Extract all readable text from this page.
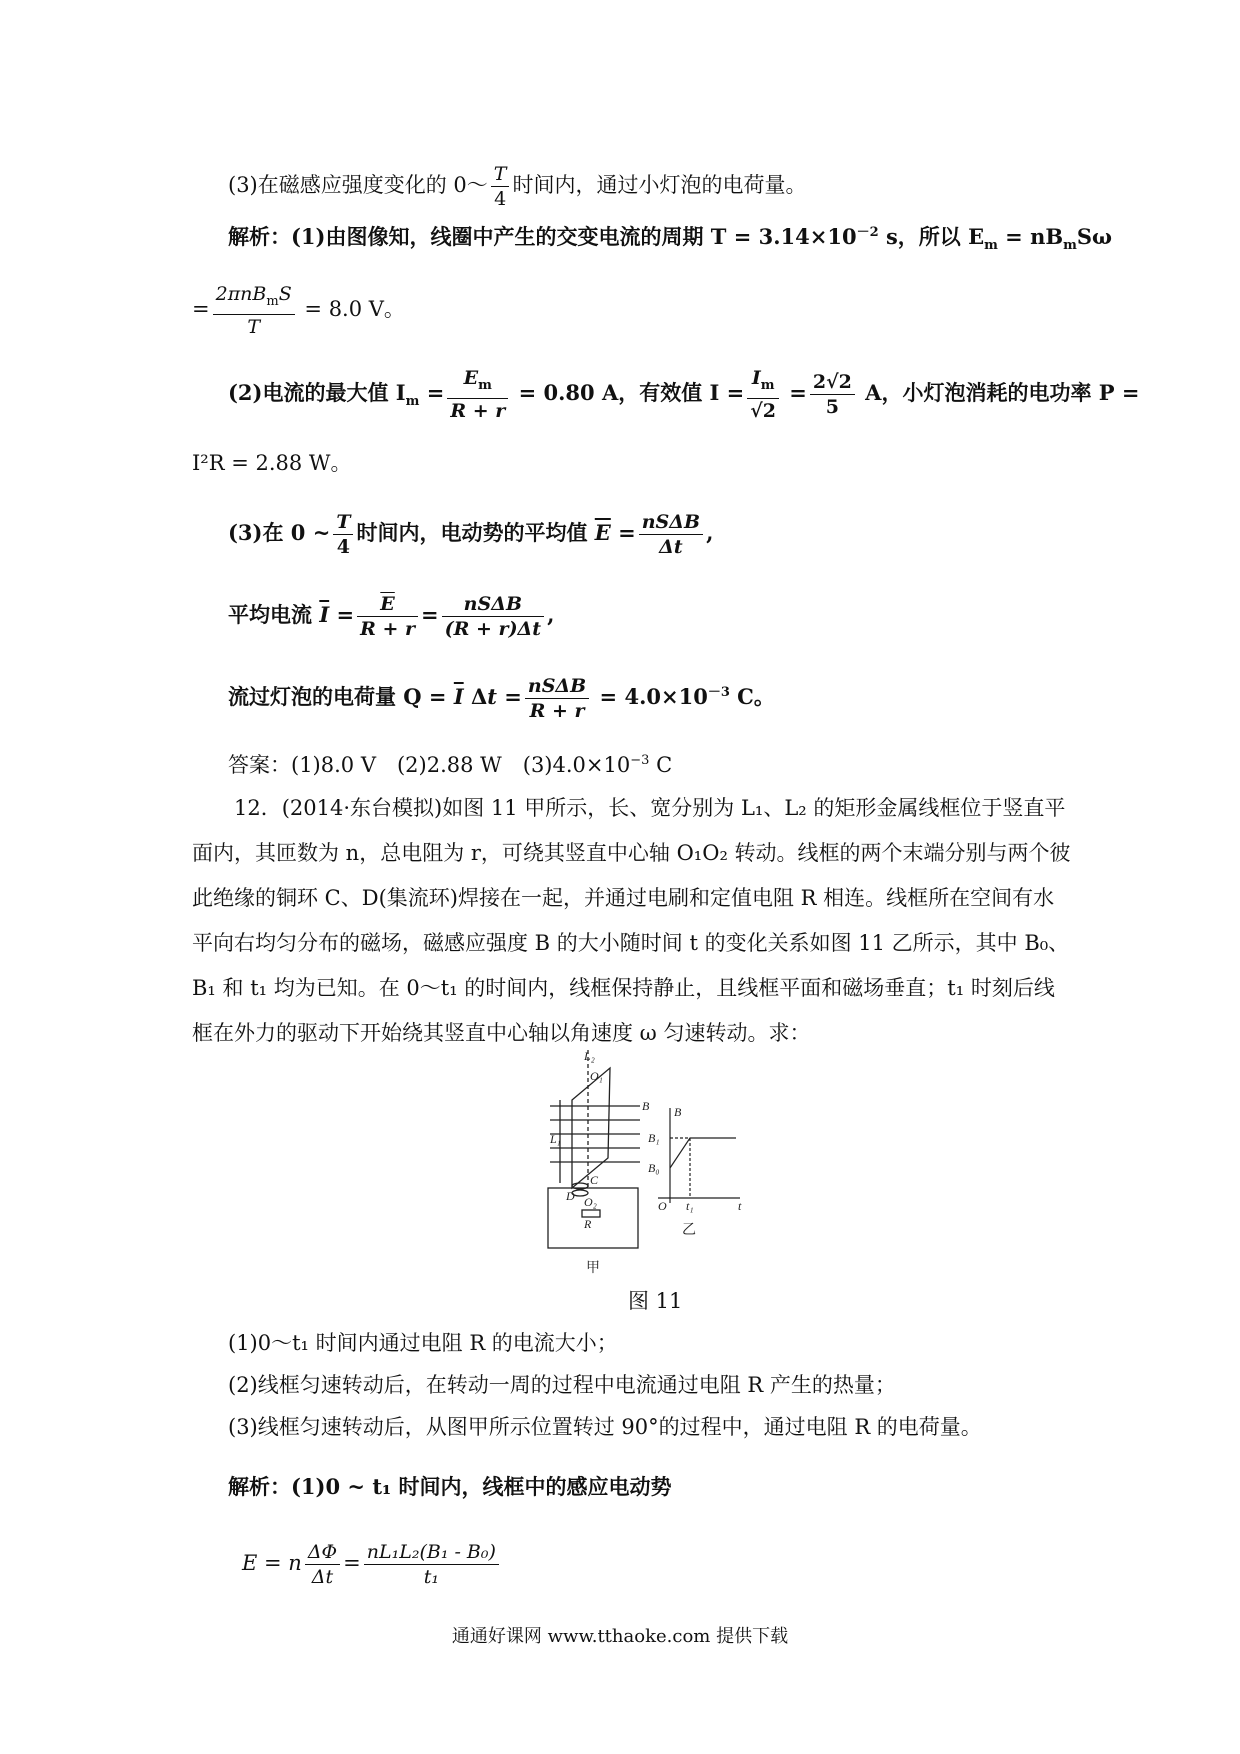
(3)在磁感应强度变化的 0～ $\frac{T}{4}$ 时间内，通过小灯泡的电荷量。
解析：(1)由图像知，线圈中产生的交变电流的周期 $T = 3.14\times 10^{-2}$ s，所以 $E_m = nB_mS\omega$
= $\frac{2\pi nB_mS}{T} = 8.0$ V。
(2)电流的最大值 $I_m = \frac{E_m}{R + r} = 0.80$ A，有效值 $I = \frac{I_m}{√2} = \frac{2√2}{5}$ A，小灯泡消耗的电功率 P =
I²R = 2.88 W。
(3)在 0 ~ $\frac{T}{4}$ 时间内，电动势的平均值 $\overline{E} = \frac{\text{nSΔB}}{\Delta t}$ ,
平均电流 $\overline{I} = \frac{\overline{E}}{R + r} = \frac{\text{nSΔB}}{(R + r)\Delta t}$ ,
流过灯泡的电荷量 $Q = \overline{I}$ $\Delta t = \frac{\text{nSΔB}}{R + r} = 4.0\times 10^{-3}$ C。
答案：(1)8.0 V　(2)2.88 W　$(3)4.0\times 10^{-3}$ C
12．(2014·东台模拟)如图 11 甲所示，长、宽分别为 L₁、L₂ 的矩形金属线框位于竖直平面内，其匝数为 n，总电阻为 r，可绕其竖直中心轴 O₁O₂ 转动。线框的两个末端分别与两个彼此绝缘的铜环 C、D(集流环)焊接在一起，并通过电刷和定值电阻 R 相连。线框所在空间有水平向右均匀分布的磁场，磁感应强度 B 的大小随时间 t 的变化关系如图 11 乙所示，其中 B₀、B₁ 和 t₁ 均为已知。在 0～t₁ 的时间内，线框保持静止，且线框平面和磁场垂直；t₁ 时刻后线框在外力的驱动下开始绕其竖直中心轴以角速度 ω 匀速转动。求：
B
L₁
L₂
O₁
C
D O₂
R
甲
B
B₁
B₀
O t₁	t
乙
图 11
(1)0～t₁ 时间内通过电阻 R 的电流大小；
(2)线框匀速转动后，在转动一周的过程中电流通过电阻 R 产生的热量；
(3)线框匀速转动后，从图甲所示位置转过 90°的过程中，通过电阻 R 的电荷量。
解析：(1)0 ~ t₁ 时间内，线框中的感应电动势
E = n $\frac{\Delta\Phi}{\Delta t} = \frac{\text{nL₁L₂(B₁ - B₀)}}{\text{t₁}}$
通通好课网 www.tthaoke.com 提供下载
